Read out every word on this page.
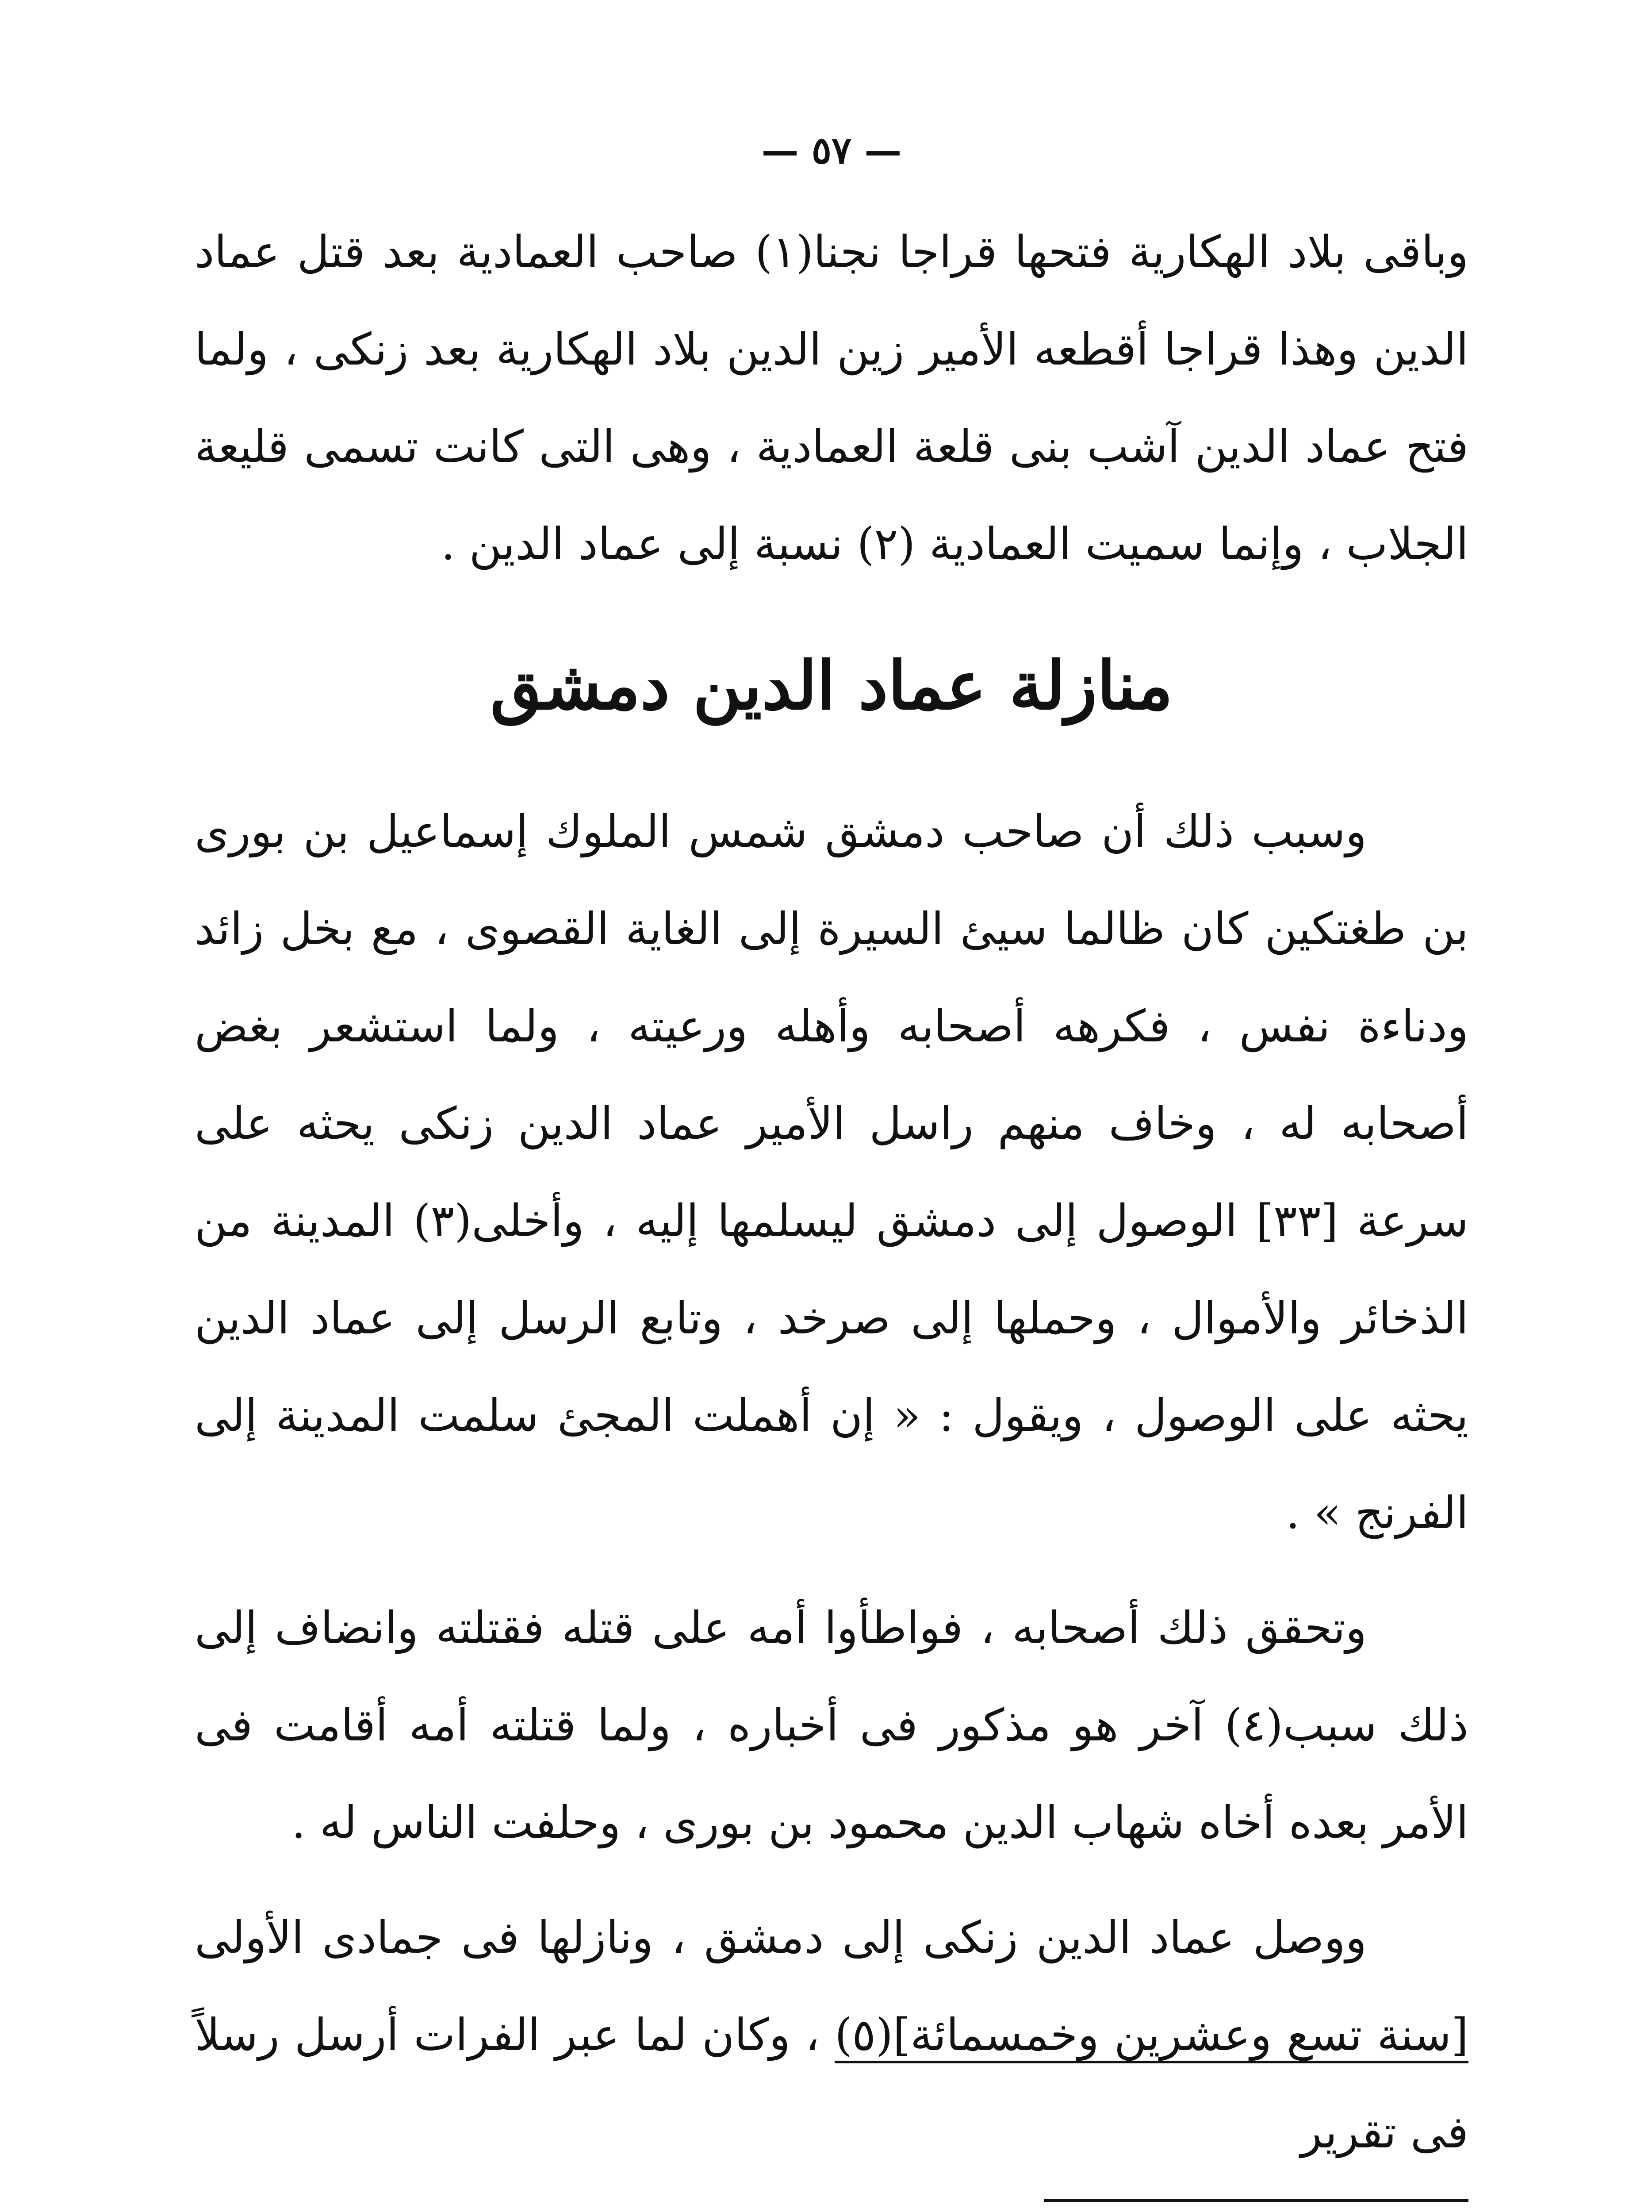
— ٥٧ —

وباقى بلاد الهكارية فتحها قراجا نجنا(١) صاحب العمادية بعد قتل عماد الدين وهذا قراجا أقطعه الأمير زين الدين بلاد الهكارية بعد زنكى ، ولما فتح عماد الدين آشب بنى قلعة العمادية ، وهى التى كانت تسمى قليعة الجلاب ، وإنما سميت العمادية (٢) نسبة إلى عماد الدين .

منازلة عماد الدين دمشق

وسبب ذلك أن صاحب دمشق شمس الملوك إسماعيل بن بورى بن طغتكين كان ظالما سيئ السيرة إلى الغاية القصوى ، مع بخل زائد ودناءة نفس ، فكرهه أصحابه وأهله ورعيته ، ولما استشعر بغض أصحابه له ، وخاف منهم راسل الأمير عماد الدين زنكى يحثه على سرعة [٣٣] الوصول إلى دمشق ليسلمها إليه ، وأخلى(٣) المدينة من الذخائر والأموال ، وحملها إلى صرخد ، وتابع الرسل إلى عماد الدين يحثه على الوصول ، ويقول : « إن أهملت المجئ سلمت المدينة إلى الفرنج » .

وتحقق ذلك أصحابه ، فواطأوا أمه على قتله فقتلته وانضاف إلى ذلك سبب(٤) آخر هو مذكور فى أخباره ، ولما قتلته أمه أقامت فى الأمر بعده أخاه شهاب الدين محمود بن بورى ، وحلفت الناس له .

ووصل عماد الدين زنكى إلى دمشق ، ونازلها فى جمادى الأولى [سنة تسع وعشرين وخمسمائة](٥) ، وكان لما عبر الفرات أرسل رسلاً فى تقرير
